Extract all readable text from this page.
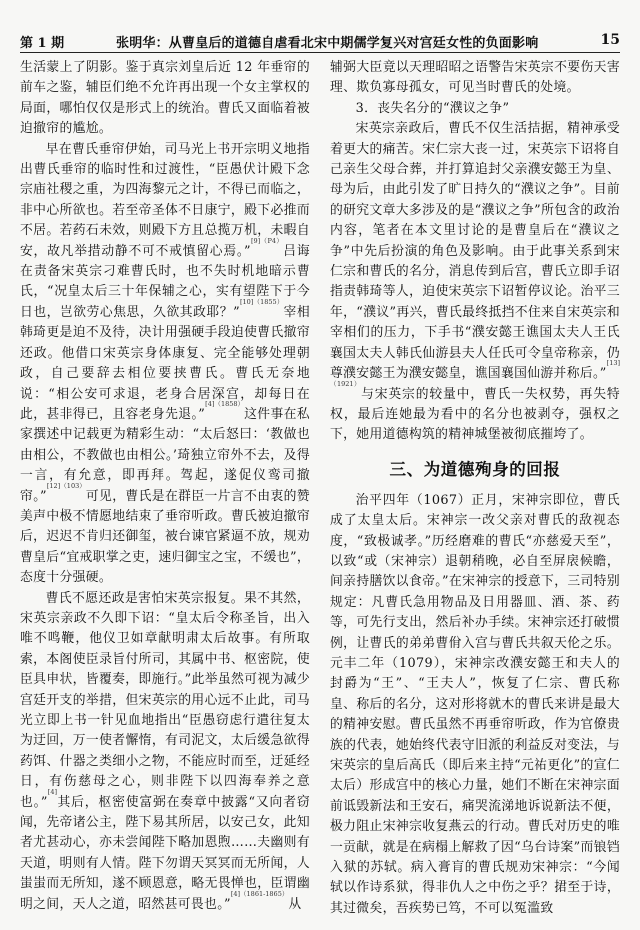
第 1 期	张明华：从曹皇后的道德自虐看北宋中期儒学复兴对宫廷女性的负面影响	15

生活蒙上了阴影。鉴于真宗刘皇后近 12 年垂帘的前车之鉴，辅臣们绝不允许再出现一个女主掌权的局面，哪怕仅仅是形式上的统治。曹氏又面临着被迫撤帘的尴尬。

早在曹氏垂帘伊始，司马光上书开宗明义地指出曹氏垂帘的临时性和过渡性，“臣愚伏计殿下念宗庙社稷之重，为四海黎元之计，不得已而临之，非中心所欲也。若至帝圣体不日康宁，殿下必推而不居。若药石未效，则殿下方且总揽万机，未暇自安，故凡举措动静不可不戒慎留心焉。”$^{[9](P4)}$吕诲在责备宋英宗刁难曹氏时，也不失时机地暗示曹氏，“况皇太后三十年保辅之心，实有望陛下于今日也，岂欲劳心焦思，久欲其政耶？”$^{[10](1855)}$宰相韩琦更是迫不及待，决计用强硬手段迫使曹氏撤帘还政。他借口宋英宗身体康复、完全能够处理朝政，自己要辞去相位要挟曹氏。曹氏无奈地说：“相公安可求退，老身合居深宫，却每日在此，甚非得已，且容老身先退。”$^{[4](1858)}$这件事在私家撰述中记载更为精彩生动：“太后怒曰：‘教做也由相公，不教做也由相公。’琦独立帘外不去，及得一言，有允意，即再拜。驾起，遂促仪鸾司撤帘。”$^{[12](103)}$可见，曹氏是在群臣一片言不由衷的赞美声中极不情愿地结束了垂帘听政。曹氏被迫撤帘后，迟迟不肯归还御玺，被台谏官紧逼不放，规劝曹皇后“宜戒职掌之吏，速归御宝之宝，不缓也”，态度十分强硬。

曹氏不愿还政是害怕宋英宗报复。果不其然，宋英宗亲政不久即下诏：“皇太后令称圣旨，出入唯不鸣鞭，他仪卫如章献明肃太后故事。有所取索，本阁使臣录旨付所司，其属中书、枢密院，使臣具申状，皆覆奏，即施行。”此举虽然可视为减少宫廷开支的举措，但宋英宗的用心远不止此，司马光立即上书一针见血地指出“臣愚窃虑行遣往复太为迂回，万一使者懈惰，有司泥文，太后缓急欲得药饵、什器之类细小之物，不能应时而至，迂延经日，有伤慈母之心，则非陛下以四海奉养之意也。”[4]其后，枢密使富弼在奏章中披露“又向者窃闻，先帝诸公主，陛下易其所居，以安己女，此知者尤甚动心，亦未尝闻陛下略加恩煦……夫幽则有天道，明则有人情。陛下勿谓天冥冥而无所闻，人蚩蚩而无所知，遂不顾恩意，略无畏惮也，臣谓幽明之间，天人之道，昭然甚可畏也。”$^{[4](1861-1865)}$从

辅弼大臣竟以天理昭昭之语警告宋英宗不要伤天害理、欺负寡母孤女，可见当时曹氏的处境。

3．丧失名分的“濮议之争”

宋英宗亲政后，曹氏不仅生活拮据，精神承受着更大的痛苦。宋仁宗大丧一过，宋英宗下诏将自己亲生父母合葬，并打算追封父亲濮安懿王为皇、母为后，由此引发了旷日持久的“濮议之争”。目前的研究文章大多涉及的是“濮议之争”所包含的政治内容，笔者在本文里讨论的是曹皇后在“濮议之争”中先后扮演的角色及影响。由于此事关系到宋仁宗和曹氏的名分，消息传到后宫，曹氏立即手诏指责韩琦等人，迫使宋英宗下诏暂停议论。治平三年，“濮议”再兴，曹氏最终抵挡不住来自宋英宗和宰相们的压力，下手书“濮安懿王谯国太夫人王氏襄国太夫人韩氏仙游县夫人任氏可令皇帝称亲，仍尊濮安懿王为濮安懿皇，谯国襄国仙游并称后。”$^{[13](1921)}$与宋英宗的较量中，曹氏一失权势，再失特权，最后连她最为看中的名分也被剥夺，强权之下，她用道德构筑的精神城堡被彻底摧垮了。

三、为道德殉身的回报

治平四年（1067）正月，宋神宗即位，曹氏成了太皇太后。宋神宗一改父亲对曹氏的敌视态度，“致极诚孝。”历经磨难的曹氏“亦慈爱天至”，以致“或（宋神宗）退朝稍晚，必自至屏扆候瞻，间亲持膳饮以食帝。”在宋神宗的授意下，三司特别规定：凡曹氏急用物品及日用器皿、酒、茶、药等，可先行支出，然后补办手续。宋神宗还打破惯例，让曹氏的弟弟曹佾入宫与曹氏共叙天伦之乐。元丰二年（1079），宋神宗改濮安懿王和夫人的封爵为“王”、“王夫人”，恢复了仁宗、曹氏称皇、称后的名分，这对形将就木的曹氏来讲是最大的精神安慰。曹氏虽然不再垂帘听政，作为官僚贵族的代表，她始终代表守旧派的利益反对变法，与宋英宗的皇后高氏（即后来主持“元祐更化”的宣仁太后）形成宫中的核心力量，她们不断在宋神宗面前诋毁新法和王安石，痛哭流涕地诉说新法不便，极力阻止宋神宗收复燕云的行动。曹氏对历史的唯一贡献，就是在病榻上解救了因“乌台诗案”而锒铛入狱的苏轼。病入膏肓的曹氏规劝宋神宗：“今闻轼以作诗系狱，得非仇人之中伤之乎？捃至于诗，其过微矣，吾疾势已笃，不可以冤滥致
